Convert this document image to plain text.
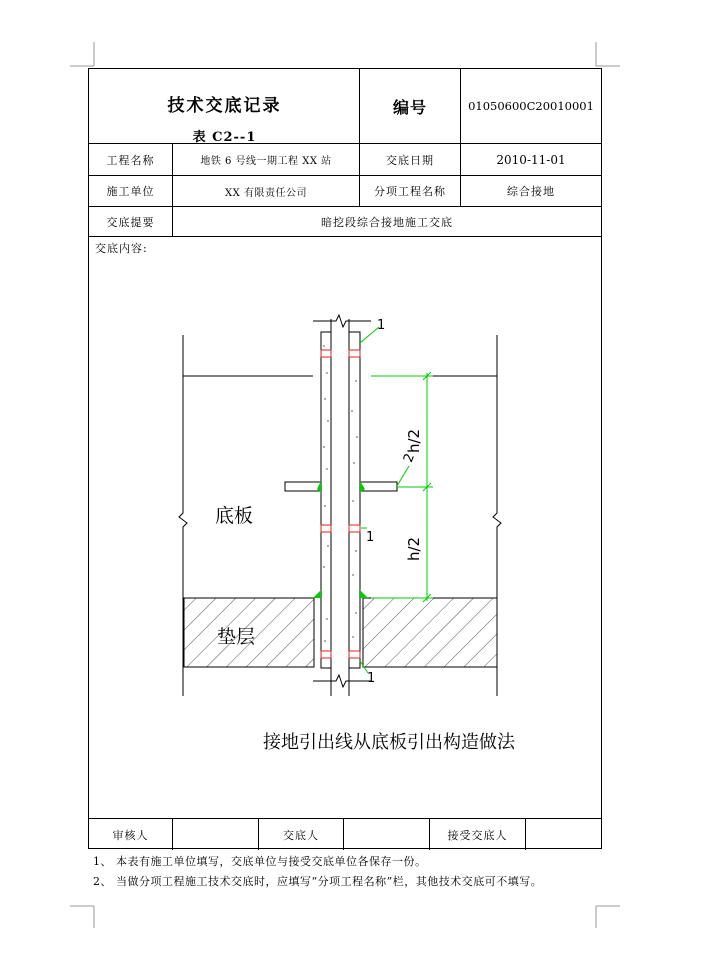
技术交底记录
表 C2--1
编号	01050600C20010001
工程名称	地铁 6 号线一期工程 XX 站	交底日期	2010-11-01
施工单位	XX 有限责任公司	分项工程名称	综合接地
交底提要	暗挖段综合接地施工交底
交底内容:
h/2
h/2
1
2
1
1
底板
垫层
接地引出线从底板引出构造做法
审核人	交底人	接受交底人
1、 本表有施工单位填写，交底单位与接受交底单位各保存一份。
2、 当做分项工程施工技术交底时，应填写“分项工程名称”栏，其他技术交底可不填写。
